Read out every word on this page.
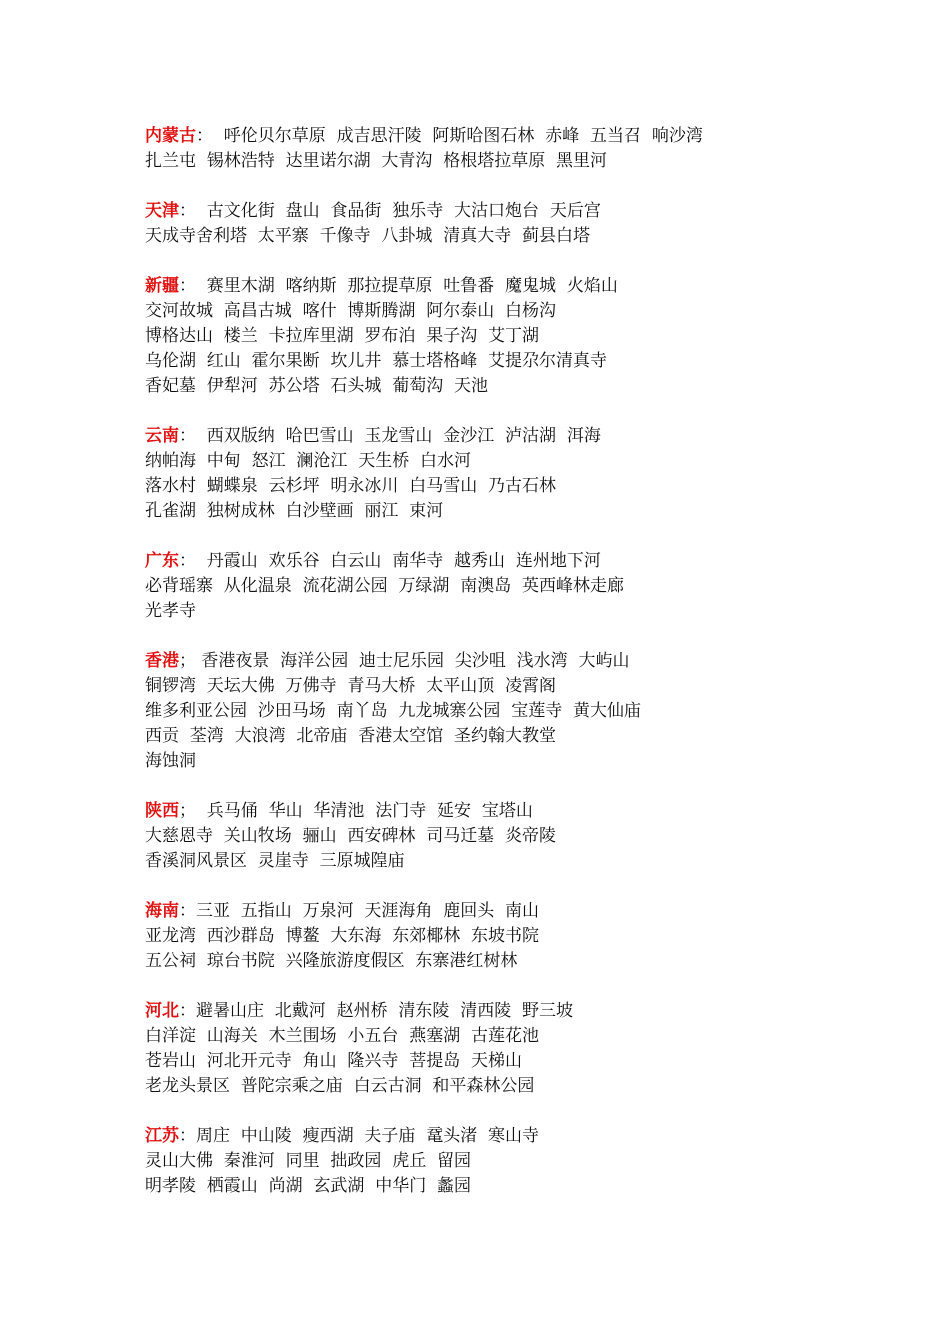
内蒙古：  呼伦贝尔草原  成吉思汗陵  阿斯哈图石林  赤峰  五当召  响沙湾
扎兰屯  锡林浩特  达里诺尔湖  大青沟  格根塔拉草原  黑里河
天津：  古文化街  盘山  食品街  独乐寺  大沽口炮台  天后宫
天成寺舍利塔  太平寨  千像寺  八卦城  清真大寺  蓟县白塔
新疆：  赛里木湖  喀纳斯  那拉提草原  吐鲁番  魔鬼城  火焰山
交河故城  高昌古城  喀什  博斯腾湖  阿尔泰山  白杨沟
博格达山  楼兰  卡拉库里湖  罗布泊  果子沟  艾丁湖
乌伦湖  红山  霍尔果断  坎儿井  慕士塔格峰  艾提尕尔清真寺
香妃墓  伊犁河  苏公塔  石头城  葡萄沟  天池
云南：  西双版纳  哈巴雪山  玉龙雪山  金沙江  泸沽湖  洱海
纳帕海  中甸  怒江  澜沧江  天生桥  白水河
落水村  蝴蝶泉  云杉坪  明永冰川  白马雪山  乃古石林
孔雀湖  独树成林  白沙壁画  丽江  束河
广东：  丹霞山  欢乐谷  白云山  南华寺  越秀山  连州地下河
必背瑶寨  从化温泉  流花湖公园  万绿湖  南澳岛  英西峰林走廊
光孝寺
香港； 香港夜景  海洋公园  迪士尼乐园  尖沙咀  浅水湾  大屿山
铜锣湾  天坛大佛  万佛寺  青马大桥  太平山顶  凌霄阁
维多利亚公园  沙田马场  南丫岛  九龙城寨公园  宝莲寺  黄大仙庙
西贡  荃湾  大浪湾  北帝庙  香港太空馆  圣约翰大教堂
海蚀洞
陕西；  兵马俑  华山  华清池  法门寺  延安  宝塔山
大慈恩寺  关山牧场  骊山  西安碑林  司马迁墓  炎帝陵
香溪洞风景区  灵崖寺  三原城隍庙
海南：三亚  五指山  万泉河  天涯海角  鹿回头  南山
亚龙湾  西沙群岛  博鳌  大东海  东郊椰林  东坡书院
五公祠  琼台书院  兴隆旅游度假区  东寨港红树林
河北：避暑山庄  北戴河  赵州桥  清东陵  清西陵  野三坡
白洋淀  山海关  木兰围场  小五台  燕塞湖  古莲花池
苍岩山  河北开元寺  角山  隆兴寺  菩提岛  天梯山
老龙头景区  普陀宗乘之庙  白云古洞  和平森林公园
江苏：周庄  中山陵  瘦西湖  夫子庙  鼋头渚  寒山寺
灵山大佛  秦淮河  同里  拙政园  虎丘  留园
明孝陵  栖霞山  尚湖  玄武湖  中华门  蠡园
